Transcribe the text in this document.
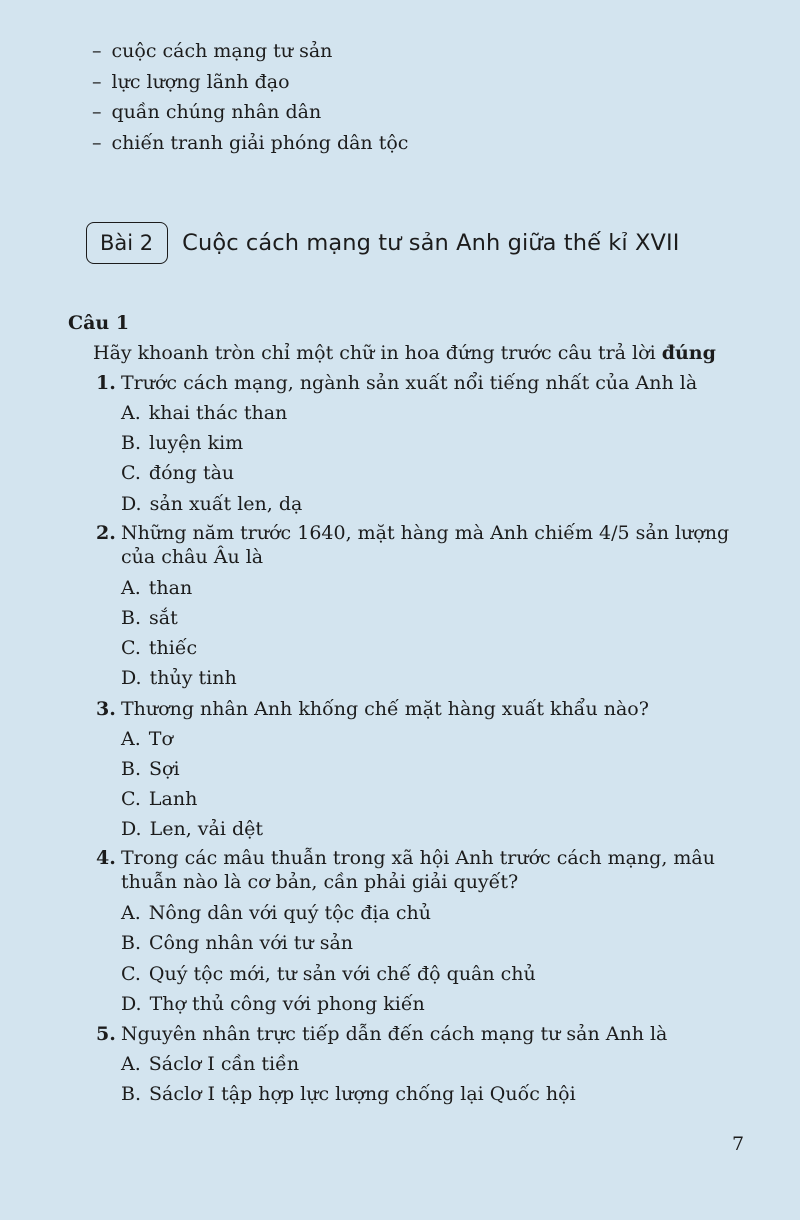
– cuộc cách mạng tư sản
– lực lượng lãnh đạo
– quần chúng nhân dân
– chiến tranh giải phóng dân tộc
Bài 2	Cuộc cách mạng tư sản Anh giữa thế kỉ XVII
Câu 1
Hãy khoanh tròn chỉ một chữ in hoa đứng trước câu trả lời đúng
1. Trước cách mạng, ngành sản xuất nổi tiếng nhất của Anh là
A. khai thác than
B. luyện kim
C. đóng tàu
D. sản xuất len, dạ
2. Những năm trước 1640, mặt hàng mà Anh chiếm 4/5 sản lượng của châu Âu là
A. than
B. sắt
C. thiếc
D. thủy tinh
3. Thương nhân Anh khống chế mặt hàng xuất khẩu nào?
A. Tơ
B. Sợi
C. Lanh
D. Len, vải dệt
4. Trong các mâu thuẫn trong xã hội Anh trước cách mạng, mâu thuẫn nào là cơ bản, cần phải giải quyết?
A. Nông dân với quý tộc địa chủ
B. Công nhân với tư sản
C. Quý tộc mới, tư sản với chế độ quân chủ
D. Thợ thủ công với phong kiến
5. Nguyên nhân trực tiếp dẫn đến cách mạng tư sản Anh là
A. Sáclơ I cần tiền
B. Sáclơ I tập hợp lực lượng chống lại Quốc hội
7
